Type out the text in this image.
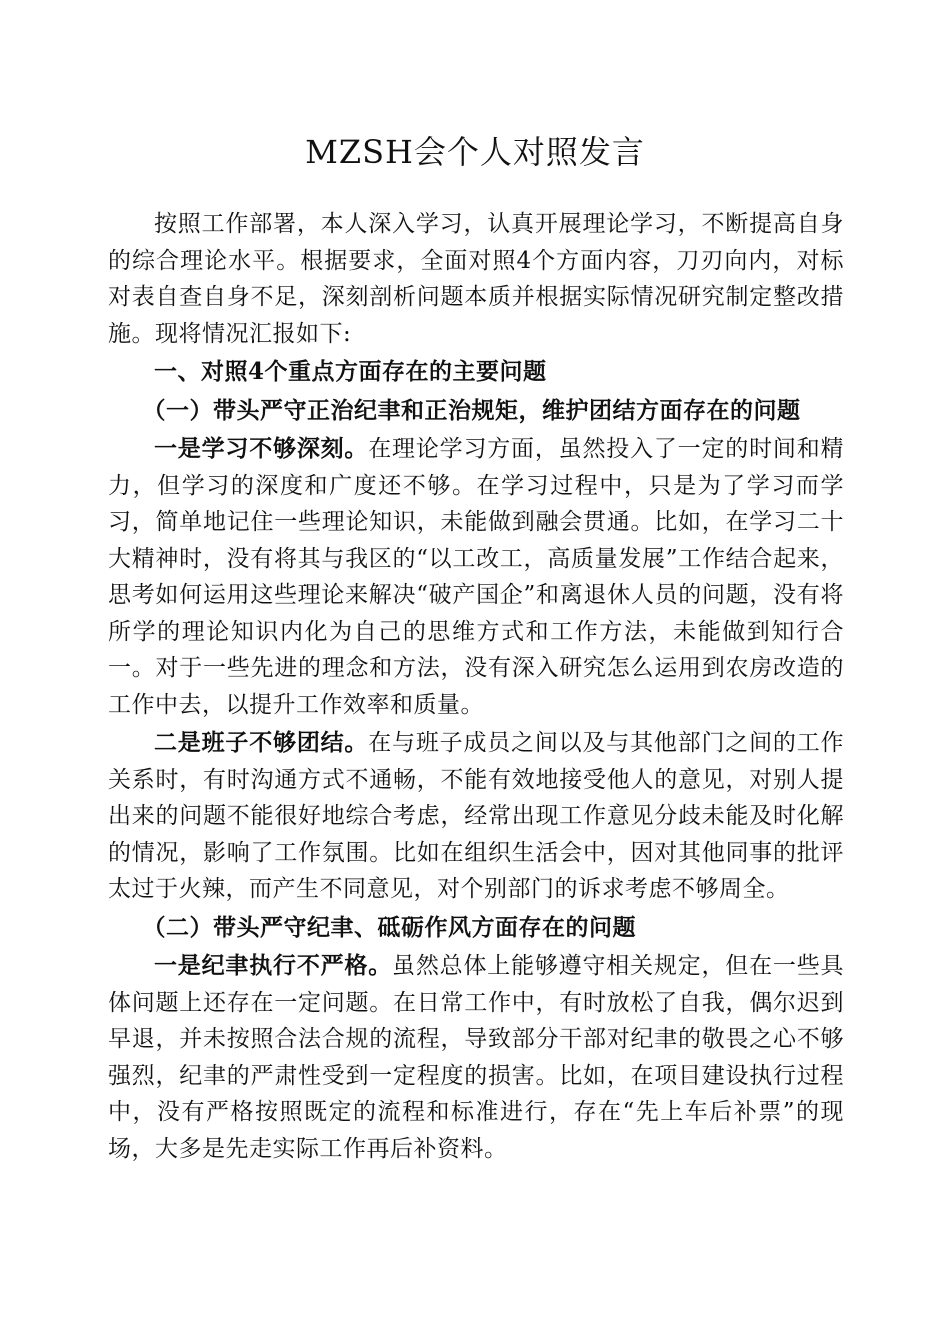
MZSH会个人对照发言

按照工作部署，本人深入学习，认真开展理论学习，不断提高自身的综合理论水平。根据要求，全面对照4个方面内容，刀刃向内，对标对表自查自身不足，深刻剖析问题本质并根据实际情况研究制定整改措施。现将情况汇报如下:

一、对照4个重点方面存在的主要问题

（一）带头严守正治纪聿和正治规矩，维护团结方面存在的问题

一是学习不够深刻。在理论学习方面，虽然投入了一定的时间和精力，但学习的深度和广度还不够。在学习过程中，只是为了学习而学习，简单地记住一些理论知识，未能做到融会贯通。比如，在学习二十大精神时，没有将其与我区的“以工改工，高质量发展”工作结合起来，思考如何运用这些理论来解决“破产国企”和离退休人员的问题，没有将所学的理论知识内化为自己的思维方式和工作方法，未能做到知行合一。对于一些先进的理念和方法，没有深入研究怎么运用到农房改造的工作中去，以提升工作效率和质量。

二是班子不够团结。在与班子成员之间以及与其他部门之间的工作关系时，有时沟通方式不通畅，不能有效地接受他人的意见，对别人提出来的问题不能很好地综合考虑，经常出现工作意见分歧未能及时化解的情况，影响了工作氛围。比如在组织生活会中，因对其他同事的批评太过于火辣，而产生不同意见，对个别部门的诉求考虑不够周全。

（二）带头严守纪聿、砥砺作风方面存在的问题

一是纪聿执行不严格。虽然总体上能够遵守相关规定，但在一些具体问题上还存在一定问题。在日常工作中，有时放松了自我，偶尔迟到早退，并未按照合法合规的流程，导致部分干部对纪聿的敬畏之心不够强烈，纪聿的严肃性受到一定程度的损害。比如，在项目建设执行过程中，没有严格按照既定的流程和标准进行，存在“先上车后补票”的现场，大多是先走实际工作再后补资料。
